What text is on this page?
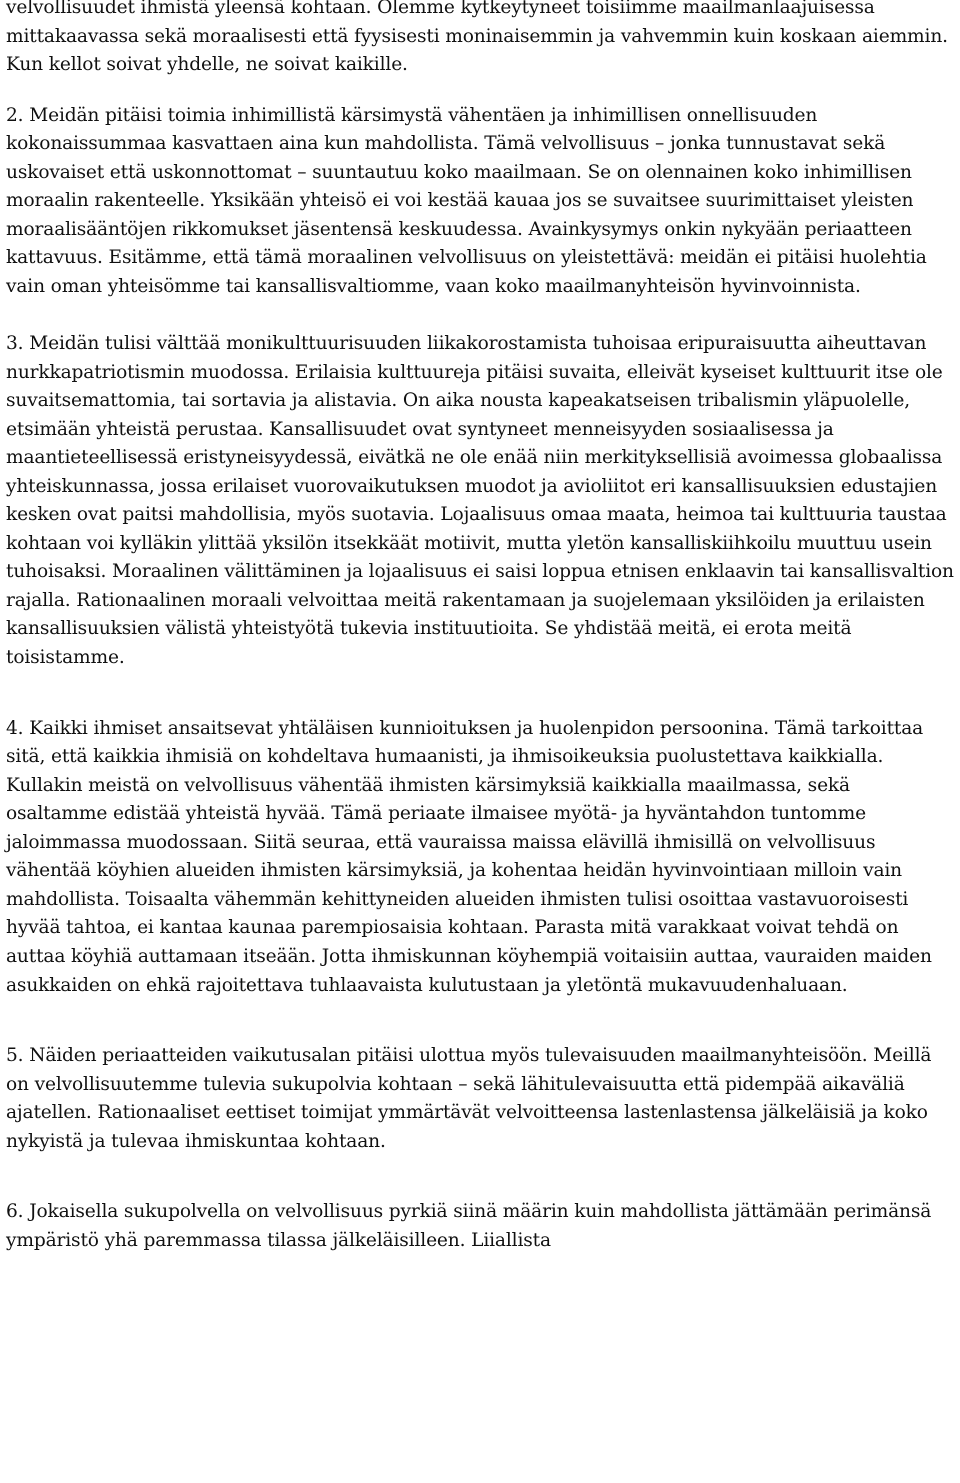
velvollisuudet ihmistä yleensä kohtaan. Olemme kytkeytyneet toisiimme maailmanlaajuisessa mittakaavassa sekä moraalisesti että fyysisesti moninaisemmin ja vahvemmin kuin koskaan aiemmin. Kun kellot soivat yhdelle, ne soivat kaikille.

2. Meidän pitäisi toimia inhimillistä kärsimystä vähentäen ja inhimillisen onnellisuuden kokonaissummaa kasvattaen aina kun mahdollista. Tämä velvollisuus – jonka tunnustavat sekä uskovaiset että uskonnottomat – suuntautuu koko maailmaan. Se on olennainen koko inhimillisen moraalin rakenteelle. Yksikään yhteisö ei voi kestää kauaa jos se suvaitsee suurimittaiset yleisten moraalisääntöjen rikkomukset jäsentensä keskuudessa. Avainkysymys onkin nykyään periaatteen kattavuus. Esitämme, että tämä moraalinen velvollisuus on yleistettävä: meidän ei pitäisi huolehtia vain oman yhteisömme tai kansallisvaltiomme, vaan koko maailmanyhteisön hyvinvoinnista.

3. Meidän tulisi välttää monikulttuurisuuden liikakorostamista tuhoisaa eripuraisuutta aiheuttavan nurkkapatriotismin muodossa. Erilaisia kulttuureja pitäisi suvaita, elleivät kyseiset kulttuurit itse ole suvaitsemattomia, tai sortavia ja alistavia. On aika nousta kapeakatseisen tribalismin yläpuolelle, etsimään yhteistä perustaa. Kansallisuudet ovat syntyneet menneisyyden sosiaalisessa ja maantieteellisessä eristyneisyydessä, eivätkä ne ole enää niin merkityksellisiä avoimessa globaalissa yhteiskunnassa, jossa erilaiset vuorovaikutuksen muodot ja avioliitot eri kansallisuuksien edustajien kesken ovat paitsi mahdollisia, myös suotavia. Lojaalisuus omaa maata, heimoa tai kulttuuria taustaa kohtaan voi kylläkin ylittää yksilön itsekkäät motiivit, mutta yletön kansalliskiihkoilu muuttuu usein tuhoisaksi. Moraalinen välittäminen ja lojaalisuus ei saisi loppua etnisen enklaavin tai kansallisvaltion rajalla. Rationaalinen moraali velvoittaa meitä rakentamaan ja suojelemaan yksilöiden ja erilaisten kansallisuuksien välistä yhteistyötä tukevia instituutioita. Se yhdistää meitä, ei erota meitä toisistamme.

4. Kaikki ihmiset ansaitsevat yhtäläisen kunnioituksen ja huolenpidon persoonina. Tämä tarkoittaa sitä, että kaikkia ihmisiä on kohdeltava humaanisti, ja ihmisoikeuksia puolustettava kaikkialla. Kullakin meistä on velvollisuus vähentää ihmisten kärsimyksiä kaikkialla maailmassa, sekä osaltamme edistää yhteistä hyvää. Tämä periaate ilmaisee myötä- ja hyväntahdon tuntomme jaloimmassa muodossaan. Siitä seuraa, että vauraissa maissa elävillä ihmisillä on velvollisuus vähentää köyhien alueiden ihmisten kärsimyksiä, ja kohentaa heidän hyvinvointiaan milloin vain mahdollista. Toisaalta vähemmän kehittyneiden alueiden ihmisten tulisi osoittaa vastavuoroisesti hyvää tahtoa, ei kantaa kaunaa parempiosaisia kohtaan. Parasta mitä varakkaat voivat tehdä on auttaa köyhiä auttamaan itseään. Jotta ihmiskunnan köyhempiä voitaisiin auttaa, vauraiden maiden asukkaiden on ehkä rajoitettava tuhlaavaista kulutustaan ja yletöntä mukavuudenhaluaan.

5. Näiden periaatteiden vaikutusalan pitäisi ulottua myös tulevaisuuden maailmanyhteisöön. Meillä on velvollisuutemme tulevia sukupolvia kohtaan – sekä lähitulevaisuutta että pidempää aikaväliä ajatellen. Rationaaliset eettiset toimijat ymmärtävät velvoitteensa lastenlastensa jälkeläisiä ja koko nykyistä ja tulevaa ihmiskuntaa kohtaan.

6. Jokaisella sukupolvella on velvollisuus pyrkiä siinä määrin kuin mahdollista jättämään perimänsä ympäristö yhä paremmassa tilassa jälkeläisilleen. Liiallista
